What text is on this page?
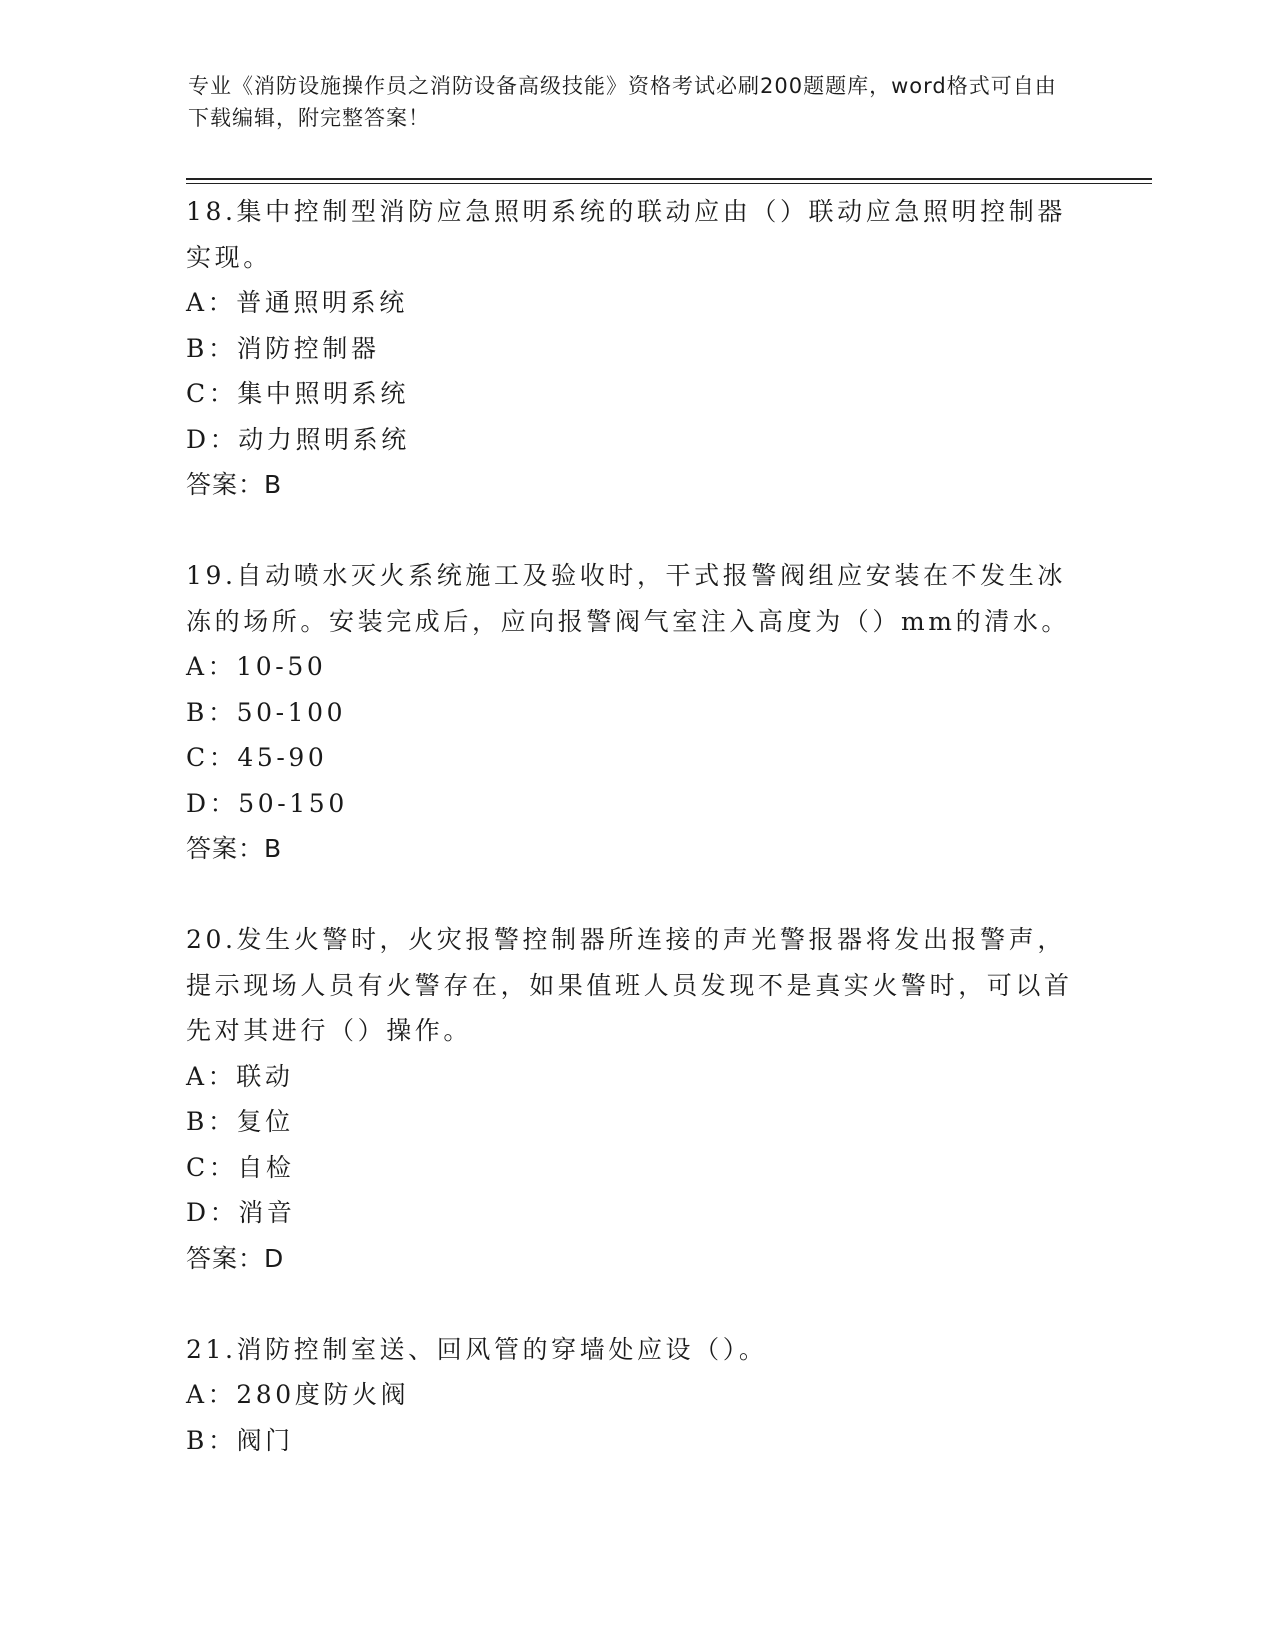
专业《消防设施操作员之消防设备高级技能》资格考试必刷200题题库，word格式可自由下载编辑，附完整答案！

18.集中控制型消防应急照明系统的联动应由（）联动应急照明控制器实现。

A：普通照明系统

B：消防控制器

C：集中照明系统

D：动力照明系统

答案：B

19.自动喷水灭火系统施工及验收时，干式报警阀组应安装在不发生冰冻的场所。安装完成后，应向报警阀气室注入高度为（）mm的清水。

A：10-50

B：50-100

C：45-90

D：50-150

答案：B

20.发生火警时，火灾报警控制器所连接的声光警报器将发出报警声，提示现场人员有火警存在，如果值班人员发现不是真实火警时，可以首先对其进行（）操作。

A：联动

B：复位

C：自检

D：消音

答案：D

21.消防控制室送、回风管的穿墙处应设（）。

A：280度防火阀

B：阀门
